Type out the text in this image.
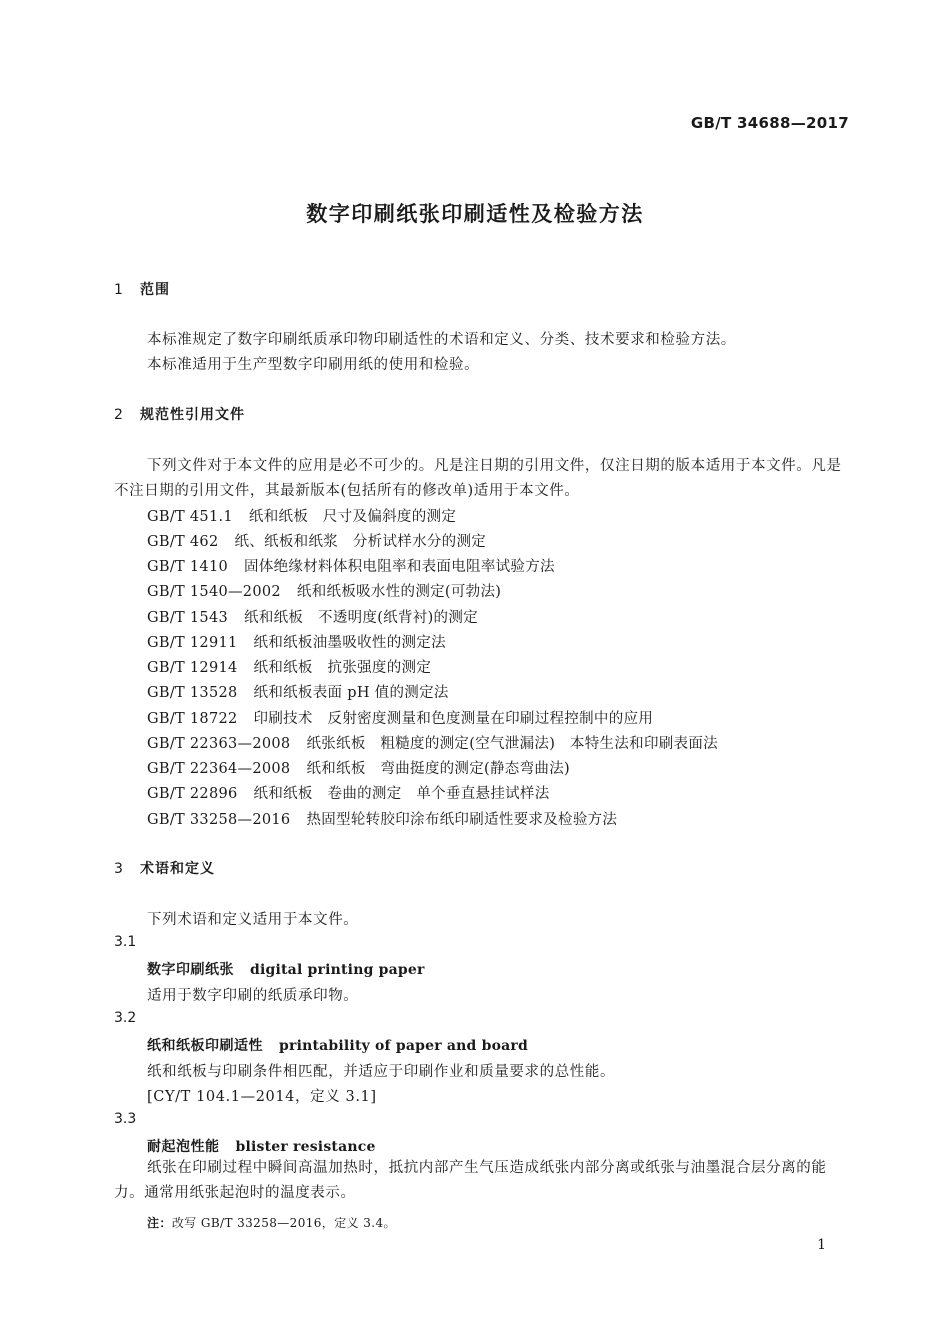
GB/T 34688—2017
数字印刷纸张印刷适性及检验方法
1 范围
本标准规定了数字印刷纸质承印物印刷适性的术语和定义、分类、技术要求和检验方法。
本标准适用于生产型数字印刷用纸的使用和检验。
2 规范性引用文件
下列文件对于本文件的应用是必不可少的。凡是注日期的引用文件，仅注日期的版本适用于本文件。凡是不注日期的引用文件，其最新版本(包括所有的修改单)适用于本文件。
GB/T 451.1 纸和纸板　尺寸及偏斜度的测定
GB/T 462 纸、纸板和纸浆　分析试样水分的测定
GB/T 1410 固体绝缘材料体积电阻率和表面电阻率试验方法
GB/T 1540—2002 纸和纸板吸水性的测定(可勃法)
GB/T 1543 纸和纸板　不透明度(纸背衬)的测定
GB/T 12911 纸和纸板油墨吸收性的测定法
GB/T 12914 纸和纸板　抗张强度的测定
GB/T 13528 纸和纸板表面 pH 值的测定法
GB/T 18722 印刷技术　反射密度测量和色度测量在印刷过程控制中的应用
GB/T 22363—2008 纸张纸板　粗糙度的测定(空气泄漏法)　本特生法和印刷表面法
GB/T 22364—2008 纸和纸板　弯曲挺度的测定(静态弯曲法)
GB/T 22896 纸和纸板　卷曲的测定　单个垂直悬挂试样法
GB/T 33258—2016 热固型轮转胶印涂布纸印刷适性要求及检验方法
3 术语和定义
下列术语和定义适用于本文件。
3.1
数字印刷纸张 digital printing paper
适用于数字印刷的纸质承印物。
3.2
纸和纸板印刷适性 printability of paper and board
纸和纸板与印刷条件相匹配，并适应于印刷作业和质量要求的总性能。
[CY/T 104.1—2014，定义 3.1]
3.3
耐起泡性能 blister resistance
纸张在印刷过程中瞬间高温加热时，抵抗内部产生气压造成纸张内部分离或纸张与油墨混合层分离的能力。通常用纸张起泡时的温度表示。
注：改写 GB/T 33258—2016，定义 3.4。
1
